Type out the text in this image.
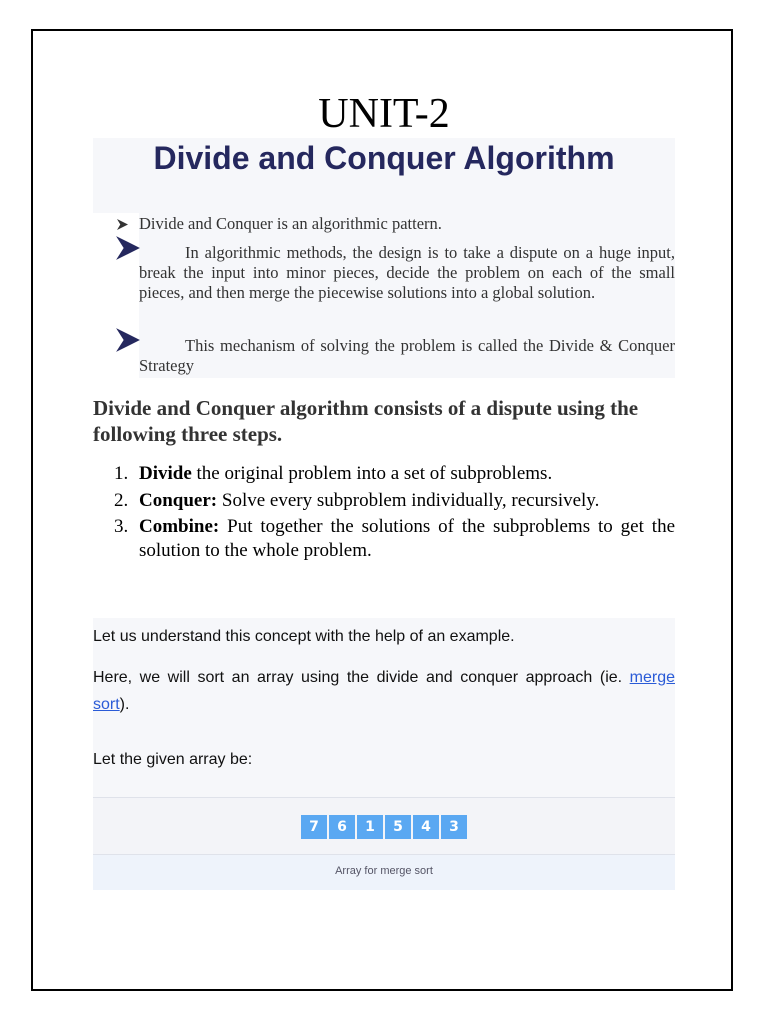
UNIT-2
Divide and Conquer Algorithm
Divide and Conquer is an algorithmic pattern.
In algorithmic methods, the design is to take a dispute on a huge input, break the input into minor pieces, decide the problem on each of the small pieces, and then merge the piecewise solutions into a global solution.
This mechanism of solving the problem is called the Divide & Conquer Strategy
Divide and Conquer algorithm consists of a dispute using the following three steps.
1. Divide the original problem into a set of subproblems.
2. Conquer: Solve every subproblem individually, recursively.
3. Combine: Put together the solutions of the subproblems to get the solution to the whole problem.
Let us understand this concept with the help of an example.
Here, we will sort an array using the divide and conquer approach (ie. merge sort).
Let the given array be:
7	6	1	5	4	3
Array for merge sort
